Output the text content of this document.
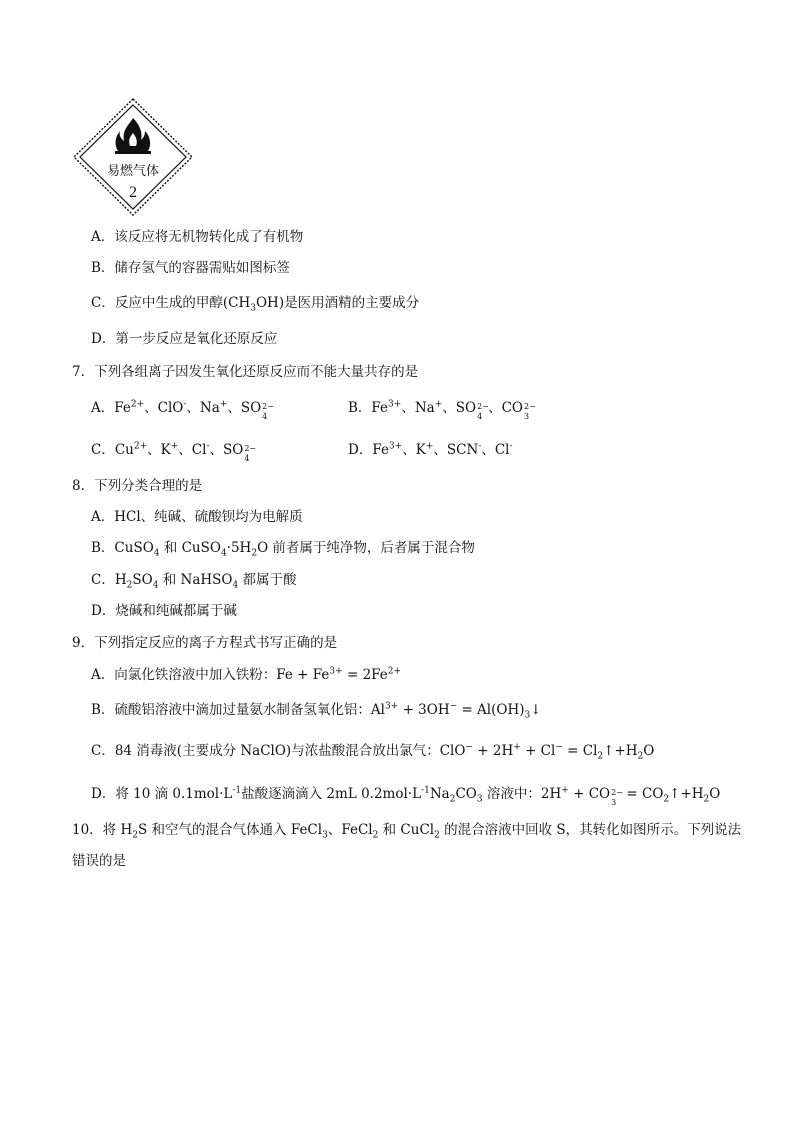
易燃气体
2
A．该反应将无机物转化成了有机物
B．储存氢气的容器需贴如图标签
C．反应中生成的甲醇$(CH_3OH)$是医用酒精的主要成分
D．第一步反应是氧化还原反应
7．下列各组离子因发生氧化还原反应而不能大量共存的是
A．$Fe^{2+}$、ClO-、Na+、SO 2−
4
B．$Fe^{3+}$、Na+、SO 2−
4
、CO 2−
3
C．$Cu^{2+}$、K+、Cl-、SO 2−
4
D．$Fe^{3+}$、K+、SCN-、Cl-
8．下列分类合理的是
A．HCl、纯碱、硫酸钡均为电解质
B．CuSO$_4$ 和 $CuSO_4\cdot 5H_2O$ 前者属于纯净物，后者属于混合物
C．$H_2SO_4$ 和 NaHSO$_4$ 都属于酸
D．烧碱和纯碱都属于碱
9．下列指定反应的离子方程式书写正确的是
A．向氯化铁溶液中加入铁粉：$Fe + Fe^{3+} = 2Fe^{2+}$
B．硫酸铝溶液中滴加过量氨水制备氢氧化铝：$Al^{3+} + 3OH^-$ = $Al(OH)_3↓$
C．84 消毒液(主要成分 NaClO)与浓盐酸混合放出氯气：$ClO^- + 2H^+ + Cl^- = Cl_2↑+H_2O$
D．将 10 滴 $0.1mol\cdot L^{-1}$盐酸逐滴滴入 2mL $0.2mol\cdot L^{-1}Na_2CO_3$ 溶液中：2H+ + CO 2−
3
= $CO_2↑+H_2O$
10．将 $H_2S$ 和空气的混合气体通入 FeCl$_3$、FeCl$_2$ 和 CuCl$_2$ 的混合溶液中回收 S，其转化如图所示。下列说法
错误的是
